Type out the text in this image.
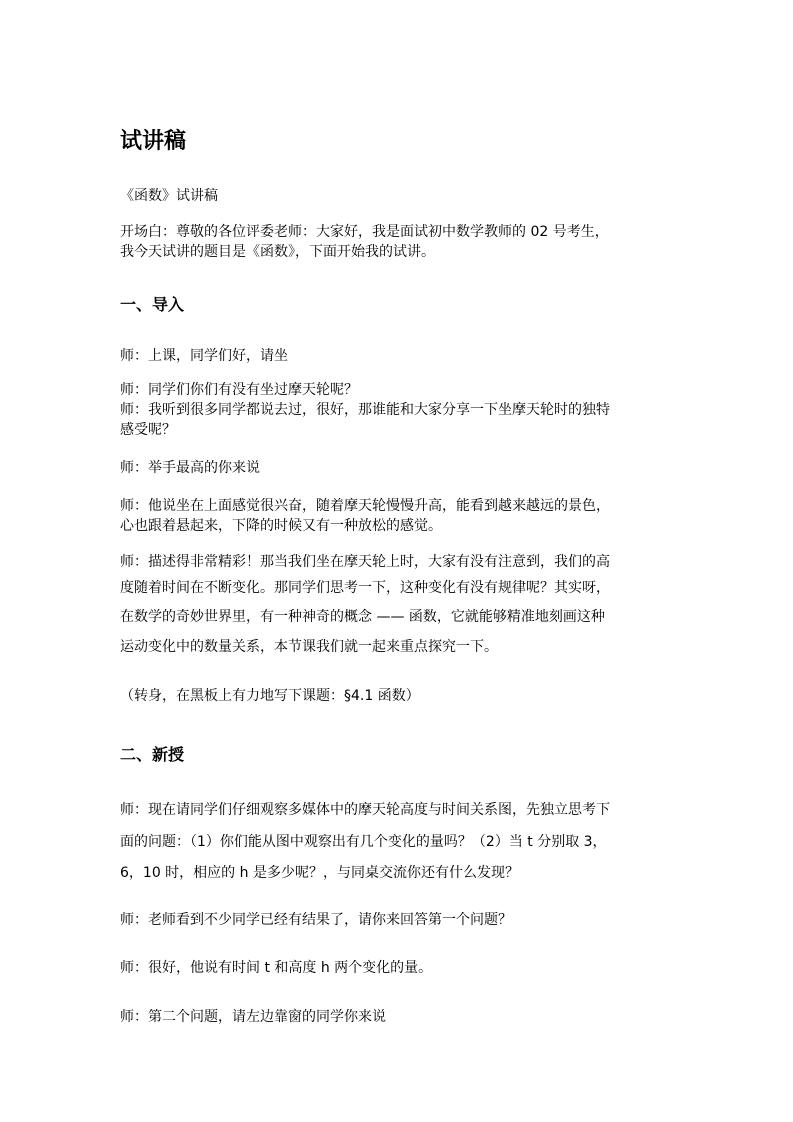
试讲稿

《函数》试讲稿

开场白：尊敬的各位评委老师：大家好，我是面试初中数学教师的 02 号考生，

我今天试讲的题目是《函数》，下面开始我的试讲。

一、导入

师：上课，同学们好，请坐

师：同学们你们有没有坐过摩天轮呢？

师：我听到很多同学都说去过，很好，那谁能和大家分享一下坐摩天轮时的独特

感受呢？

师：举手最高的你来说

师：他说坐在上面感觉很兴奋，随着摩天轮慢慢升高，能看到越来越远的景色，

心也跟着悬起来，下降的时候又有一种放松的感觉。

师：描述得非常精彩！那当我们坐在摩天轮上时，大家有没有注意到，我们的高

度随着时间在不断变化。那同学们思考一下，这种变化有没有规律呢？其实呀，

在数学的奇妙世界里，有一种神奇的概念 —— 函数，它就能够精准地刻画这种

运动变化中的数量关系，本节课我们就一起来重点探究一下。

（转身，在黑板上有力地写下课题：§4.1 函数）

二、新授

师：现在请同学们仔细观察多媒体中的摩天轮高度与时间关系图，先独立思考下

面的问题：（1）你们能从图中观察出有几个变化的量吗？（2）当 t 分别取 3，

6，10 时，相应的 h 是多少呢？，与同桌交流你还有什么发现？

师：老师看到不少同学已经有结果了，请你来回答第一个问题？

师：很好，他说有时间 t 和高度 h 两个变化的量。

师：第二个问题，请左边靠窗的同学你来说
